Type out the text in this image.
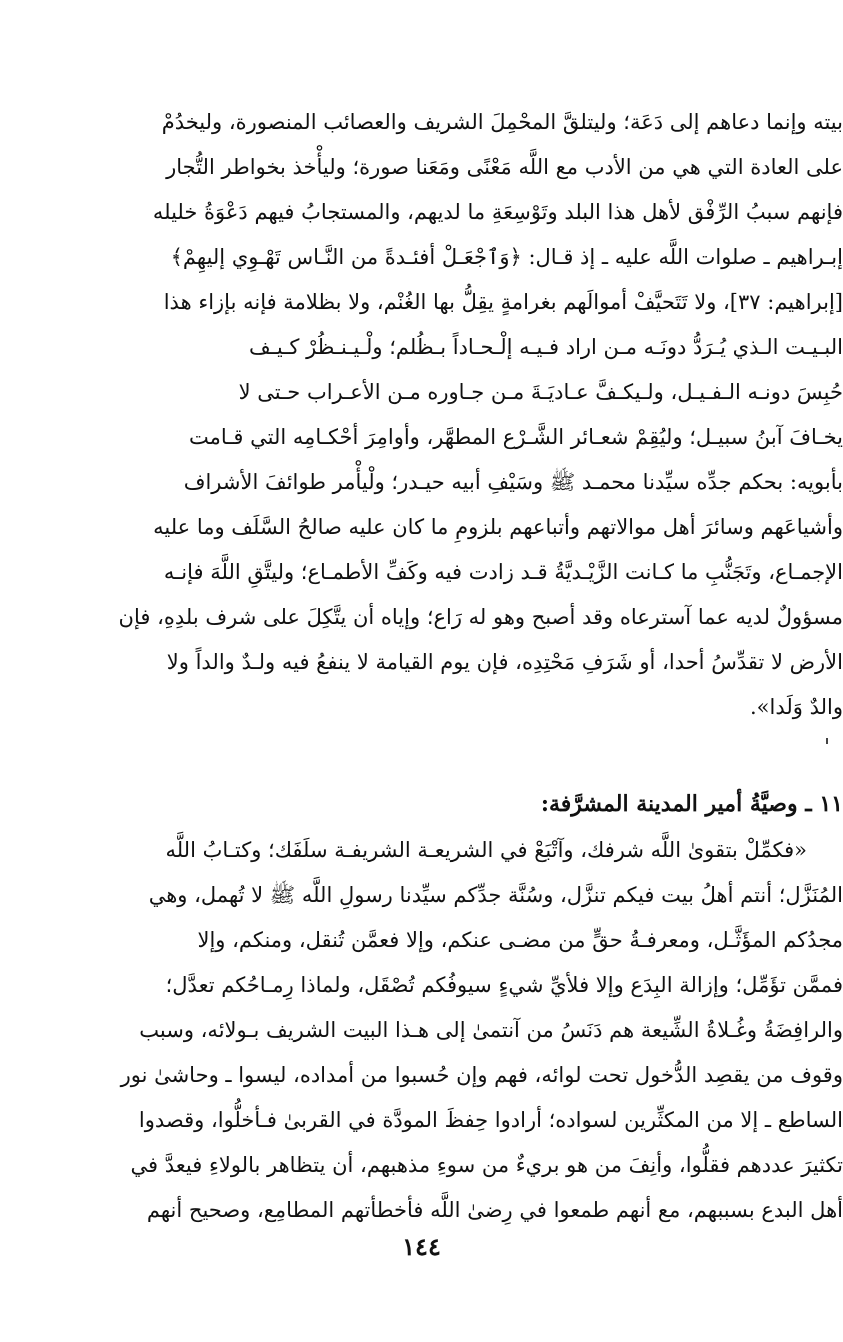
بيته وإنما دعاهم إلى دَعَة؛ وليتلقَّ المحْمِلَ الشريف والعصائب المنصورة، وليخدُمْ
على العادة التي هي من الأدب مع اللَّه مَعْنًى ومَعَنا صورة؛ وليأْخذ بخواطر التُّجار
فإنهم سببُ الرِّفْق لأهل هذا البلد وتَوْسِعَةِ ما لديهم، والمستجابُ فيهم دَعْوَةُ خليله
إبـراهيم ـ صلوات اللَّه عليه ـ إذ قـال: ﴿وَٱجْعَـلْ أفئـدةً من النَّـاس تَهْـوِي إليهِمْ﴾
[إبراهيم: ٣٧]، ولا تَتَحيَّفْ أموالَهم بغرامةٍ يقِلُّ بها الغُنْم، ولا بظلامة فإنه بإزاء هذا
البـيـت الـذي يُـرَدُّ دونَـه مـن اراد فـيـه إلْـحـاداً بـظُلم؛ ولْـيـنـظُرْ كـيـف
حُبِسَ دونـه الـفـيـل، ولـيكـفَّ عـاديَـةَ مـن جـاوره مـن الأعـراب حـتى لا
يخـافَ آبنُ سبيـل؛ وليُقِمْ شعـائر الشَّـرْع المطهَّر، وأوامِرَ أحْكـامِه التي قـامت
بأبويه: بحكم جدِّه سيِّدنا محمـد ﷺ وسَيْفِ أبيه حيـدر؛ ولْيأْمر طوائفَ الأشراف
وأشياعَهم وسائرَ أهل موالاتهم وأتباعهم بلزومِ ما كان عليه صالحُ السَّلَف وما عليه
الإجمـاع، وتَجَنُّبِ ما كـانت الزَّيْـديَّةُ قـد زادت فيه وكَفِّ الأطمـاع؛ وليتَّقِ اللَّهَ فإنـه
مسؤولٌ لديه عما آسترعاه وقد أصبح وهو له رَاع؛ وإياه أن يتَّكِلَ على شرف بلدِهِ، فإن
الأرض لا تقدِّسُ أحدا، أو شَرَفِ مَحْتِدِه، فإن يوم القيامة لا ينفعُ فيه ولـدٌ والداً ولا
والدٌ وَلَدا».
١١ ـ وصيَّةُ أمير المدينة المشرَّفة:
«فكمِّلْ بتقوىٰ اللَّه شرفك، وآتْبَعْ في الشريعـة الشريفـة سلَفَك؛ وكتـابُ اللَّه
المُنَزَّل؛ أنتم أهلُ بيت فيكم تنزَّل، وسُنَّة جدِّكم سيِّدنا رسولِ اللَّه ﷺ لا تُهمل، وهي
مجدُكم المؤَثَّـل، ومعرفـةُ حقٍّ من مضـى عنكم، وإلا فعمَّن تُنقل، ومنكم، وإلا
فممَّن تؤَمِّل؛ وإزالة البِدَع وإلا فلأيِّ شيءٍ سيوفُكم تُصْقَل، ولماذا رِمـاحُكم تعدَّل؛
والرافِضَةُ وغُـلاةُ الشِّيعة هم دَنَسُ من آنتمىٰ إلى هـذا البيت الشريف بـولائه، وسبب
وقوف من يقصِد الدُّخول تحت لوائه، فهم وإن حُسبوا من أمداده، ليسوا ـ وحاشىٰ نور
الساطع ـ إلا من المكثِّرين لسواده؛ أرادوا حِفظَ المودَّة في القربىٰ فـأخلُّوا، وقصدوا
تكثيرَ عددهم فقلُّوا، وأنِفَ من هو بريءٌ من سوءِ مذهبهم، أن يتظاهر بالولاءِ فيعدَّ في
أهل البدع بسببهم، مع أنهم طمعوا في رِضىٰ اللَّه فأخطأتهم المطامِع، وصحيح أنهم
١٤٤
